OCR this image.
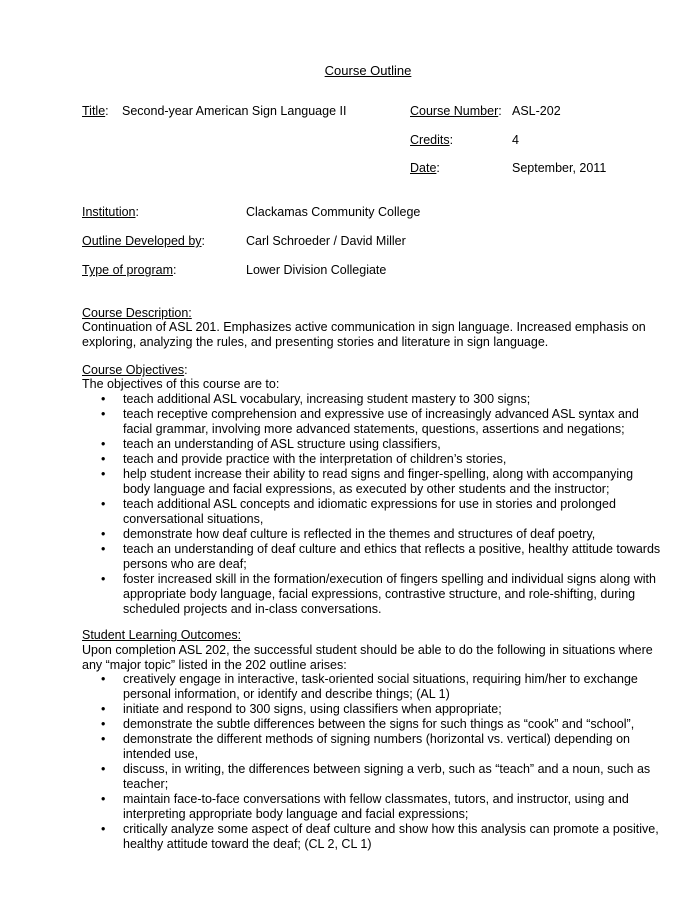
Course Outline
Title: Second-year American Sign Language II	Course Number: ASL-202
Credits:	4
Date:	September, 2011
Institution:	Clackamas Community College
Outline Developed by:	Carl Schroeder / David Miller
Type of program:	Lower Division Collegiate
Course Description:
Continuation of ASL 201. Emphasizes active communication in sign language. Increased emphasis on exploring, analyzing the rules, and presenting stories and literature in sign language.
Course Objectives:
The objectives of this course are to:
• teach additional ASL vocabulary, increasing student mastery to 300 signs;
• teach receptive comprehension and expressive use of increasingly advanced ASL syntax and facial grammar, involving more advanced statements, questions, assertions and negations;
• teach an understanding of ASL structure using classifiers,
• teach and provide practice with the interpretation of children’s stories,
• help student increase their ability to read signs and finger-spelling, along with accompanying body language and facial expressions, as executed by other students and the instructor;
• teach additional ASL concepts and idiomatic expressions for use in stories and prolonged conversational situations,
• demonstrate how deaf culture is reflected in the themes and structures of deaf poetry,
• teach an understanding of deaf culture and ethics that reflects a positive, healthy attitude towards persons who are deaf;
• foster increased skill in the formation/execution of fingers spelling and individual signs along with appropriate body language, facial expressions, contrastive structure, and role-shifting, during scheduled projects and in-class conversations.
Student Learning Outcomes:
Upon completion ASL 202, the successful student should be able to do the following in situations where any “major topic” listed in the 202 outline arises:
• creatively engage in interactive, task-oriented social situations, requiring him/her to exchange personal information, or identify and describe things; (AL 1)
• initiate and respond to 300 signs, using classifiers when appropriate;
• demonstrate the subtle differences between the signs for such things as “cook” and “school”,
• demonstrate the different methods of signing numbers (horizontal vs. vertical) depending on intended use,
• discuss, in writing, the differences between signing a verb, such as “teach” and a noun, such as teacher;
• maintain face-to-face conversations with fellow classmates, tutors, and instructor, using and interpreting appropriate body language and facial expressions;
• critically analyze some aspect of deaf culture and show how this analysis can promote a positive, healthy attitude toward the deaf; (CL 2, CL 1)
